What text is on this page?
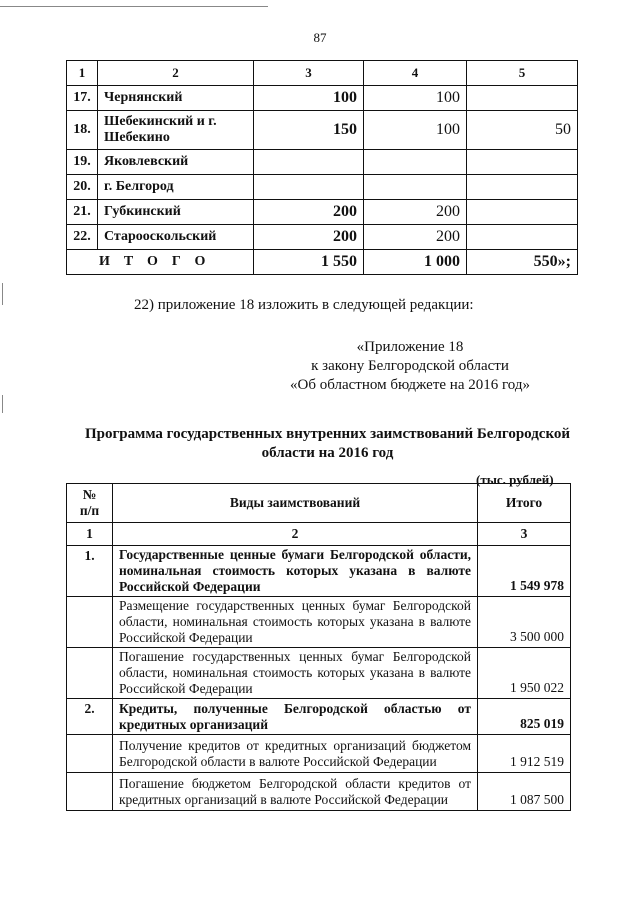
87
1	2	3	4	5
17.	Чернянский	100	100	
18.	Шебекинский и г. Шебекино	150	100	50
19.	Яковлевский			
20.	г. Белгород			
21.	Губкинский	200	200	
22.	Старооскольский	200	200	
ИТОГО		1 550	1 000	550»;
22) приложение 18 изложить в следующей редакции:
«Приложение 18
к закону Белгородской области
«Об областном бюджете на 2016 год»
Программа государственных внутренних заимствований Белгородской
области на 2016 год
(тыс. рублей)
№ п/п	Виды заимствований	Итого
1	2	3
1.	Государственные ценные бумаги Белгородской области, номинальная стоимость которых указана в валюте Российской Федерации	1 549 978
	Размещение государственных ценных бумаг Белгородской области, номинальная стоимость которых указана в валюте Российской Федерации	3 500 000
	Погашение государственных ценных бумаг Белгородской области, номинальная стоимость которых указана в валюте Российской Федерации	1 950 022
2.	Кредиты, полученные Белгородской областью от кредитных организаций	825 019
	Получение кредитов от кредитных организаций бюджетом Белгородской области в валюте Российской Федерации	1 912 519
	Погашение бюджетом Белгородской области кредитов от кредитных организаций в валюте Российской Федерации	1 087 500
